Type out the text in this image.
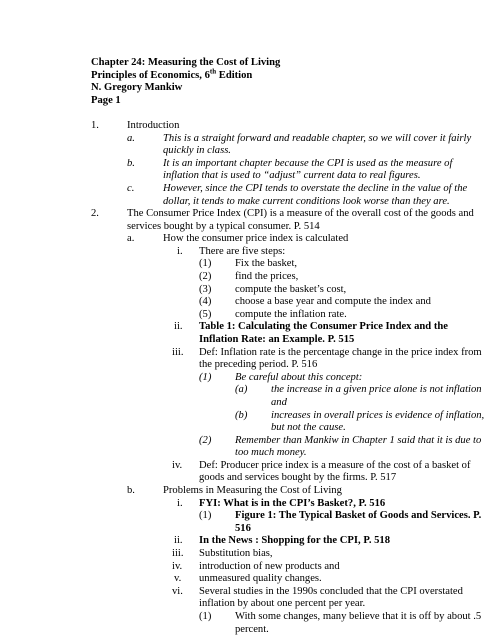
Chapter 24: Measuring the Cost of Living
Principles of Economics, 6th Edition
N. Gregory Mankiw
Page 1
1.	Introduction
a.	This is a straight forward and readable chapter, so we will cover it fairly
quickly in class.
b.	It is an important chapter because the CPI is used as the measure of
inflation that is used to “adjust” current data to real figures.
c.	However, since the CPI tends to overstate the decline in the value of the
dollar, it tends to make current conditions look worse than they are.
2.	The Consumer Price Index (CPI) is a measure of the overall cost of the goods and
services bought by a typical consumer. P. 514
a.	How the consumer price index is calculated
i. There are five steps:
(1) Fix the basket,
(2) find the prices,
(3) compute the basket’s cost,
(4) choose a base year and compute the index and
(5) compute the inflation rate.
ii. Table 1: Calculating the Consumer Price Index and the
Inflation Rate: an Example. P. 515
iii. Def: Inflation rate is the percentage change in the price index from
the preceding period. P. 516
(1) Be careful about this concept:
(a) the increase in a given price alone is not inflation
and
(b) increases in overall prices is evidence of inflation,
but not the cause.
(2) Remember than Mankiw in Chapter 1 said that it is due to
too much money.
iv. Def: Producer price index is a measure of the cost of a basket of
goods and services bought by the firms. P. 517
b.	Problems in Measuring the Cost of Living
i. FYI: What is in the CPI’s Basket?, P. 516
(1) Figure 1: The Typical Basket of Goods and Services. P.
516
ii. In the News : Shopping for the CPI, P. 518
iii. Substitution bias,
iv. introduction of new products and
v. unmeasured quality changes.
vi. Several studies in the 1990s concluded that the CPI overstated
inflation by about one percent per year.
(1) With some changes, many believe that it is off by about .5
percent.
